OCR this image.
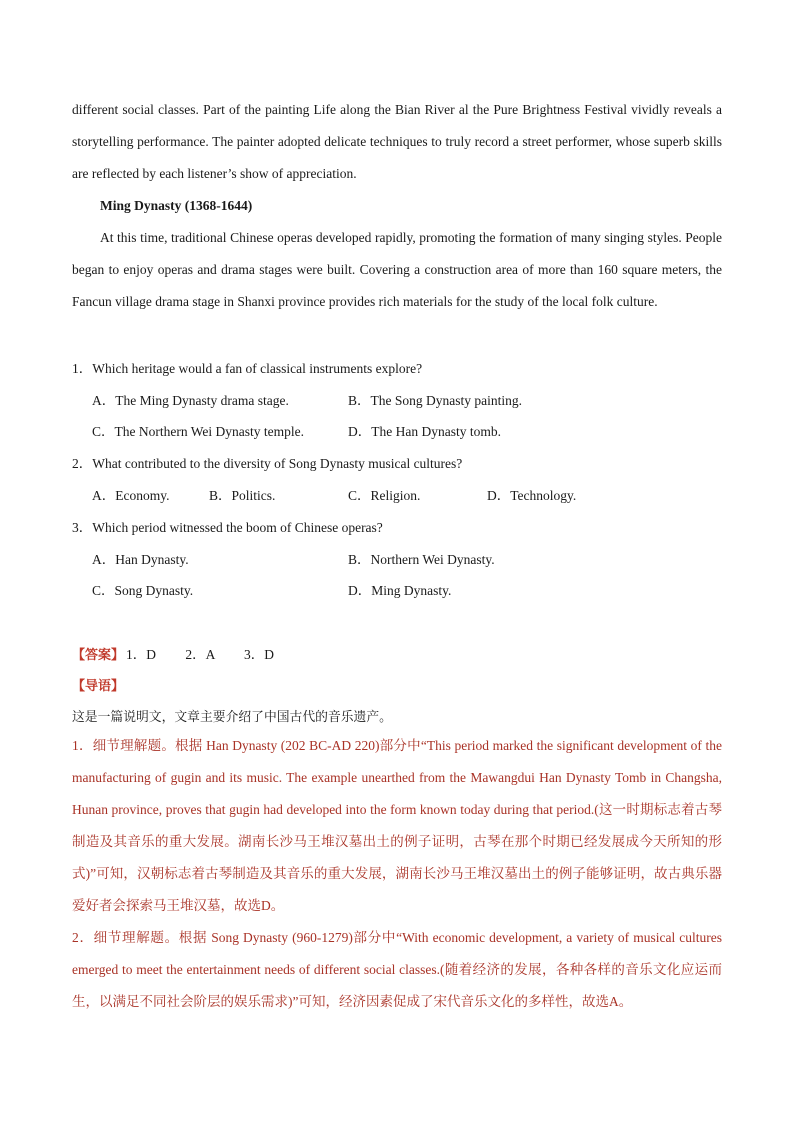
different social classes. Part of the painting Life along the Bian River al the Pure Brightness Festival vividly reveals a storytelling performance. The painter adopted delicate techniques to truly record a street performer, whose superb skills are reflected by each listener’s show of appreciation.

Ming Dynasty (1368-1644)

At this time, traditional Chinese operas developed rapidly, promoting the formation of many singing styles. People began to enjoy operas and drama stages were built. Covering a construction area of more than 160 square meters, the Fancun village drama stage in Shanxi province provides rich materials for the study of the local folk culture.

1．Which heritage would a fan of classical instruments explore?

A．The Ming Dynasty drama stage.	B．The Song Dynasty painting.
C．The Northern Wei Dynasty temple.	D．The Han Dynasty tomb.

2．What contributed to the diversity of Song Dynasty musical cultures?

A．Economy.	B．Politics.	C．Religion.	D．Technology.

3．Which period witnessed the boom of Chinese operas?

A．Han Dynasty.	B．Northern Wei Dynasty.
C．Song Dynasty.	D．Ming Dynasty.
【答案】 1．D 2．A 3．D
【导语】

这是一篇说明文，文章主要介绍了中国古代的音乐遗产。

1．细节理解题。根据 Han Dynasty (202 BC-AD 220)部分中“This period marked the significant development of the manufacturing of gugin and its music. The example unearthed from the Mawangdui Han Dynasty Tomb in Changsha, Hunan province, proves that gugin had developed into the form known today during that period.(这一时期标志着古琴制造及其音乐的重大发展。湖南长沙马王堆汉墓出土的例子证明，古琴在那个时期已经发展成今天所知的形式)”可知，汉朝标志着古琴制造及其音乐的重大发展，湖南长沙马王堆汉墓出土的例子能够证明，故古典乐器爱好者会探索马王堆汉墓，故选D。

2．细节理解题。根据 Song Dynasty (960-1279)部分中“With economic development, a variety of musical cultures emerged to meet the entertainment needs of different social classes.(随着经济的发展，各种各样的音乐文化应运而生，以满足不同社会阶层的娱乐需求)”可知，经济因素促成了宋代音乐文化的多样性，故选A。
